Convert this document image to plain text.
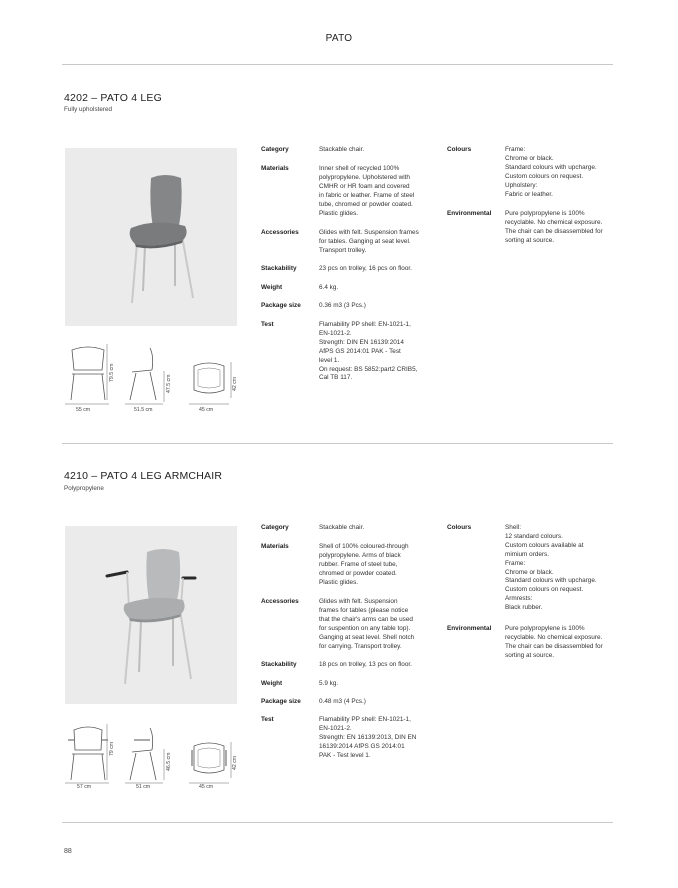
PATO
4202 – PATO 4 LEG
Fully upholstered
79.5 cm
55 cm
47.5 cm
51.5 cm
42 cm
45 cm
Category	Stackable chair.
Materials	Inner shell of recycled 100%
polypropylene. Upholstered with
CMHR or HR foam and covered
in fabric or leather. Frame of steel
tube, chromed or powder coated.
Plastic glides.
Accessories	Glides with felt. Suspension frames
for tables. Ganging at seat level.
Transport trolley.
Stackability	23 pcs on trolley, 16 pcs on floor.
Weight	6.4 kg.
Package size	0.36 m3 (3 Pcs.)
Test	Flamability PP shell: EN-1021-1,
EN-1021-2.
Strength: DIN EN 16139:2014
AfPS GS 2014:01 PAK - Test
level 1.
On request: BS 5852:part2 CRIB5,
Cal TB 117.
Colours	Frame:
Chrome or black.
Standard colours with upcharge.
Custom colours on request.
Upholstery:
Fabric or leather.
Environmental Pure polypropylene is 100%
recyclable. No chemical exposure.
The chair can be disassembled for
sorting at source.
4210 – PATO 4 LEG ARMCHAIR
Polypropylene
79 cm
57 cm
46.5 cm
51 cm
42 cm
45 cm
Category	Stackable chair.
Materials	Shell of 100% coloured-through
polypropylene. Arms of black
rubber. Frame of steel tube,
chromed or powder coated.
Plastic glides.
Accessories	Glides with felt. Suspension
frames for tables (please notice
that the chair's arms can be used
for suspention on any table top).
Ganging at seat level. Shell notch
for carrying. Transport trolley.
Stackability	18 pcs on trolley, 13 pcs on floor.
Weight	5.9 kg.
Package size	0.48 m3 (4 Pcs.)
Test	Flamability PP shell: EN-1021-1,
EN-1021-2.
Strength: EN 16139:2013, DIN EN
16139:2014 AfPS GS 2014:01
PAK - Test level 1.
Colours	Shell:
12 standard colours.
Custom colours available at
mimium orders.
Frame:
Chrome or black.
Standard colours with upcharge.
Custom colours on request.
Armrests:
Black rubber.
Environmental Pure polypropylene is 100%
recyclable. No chemical exposure.
The chair can be disassembled for
sorting at source.
88
